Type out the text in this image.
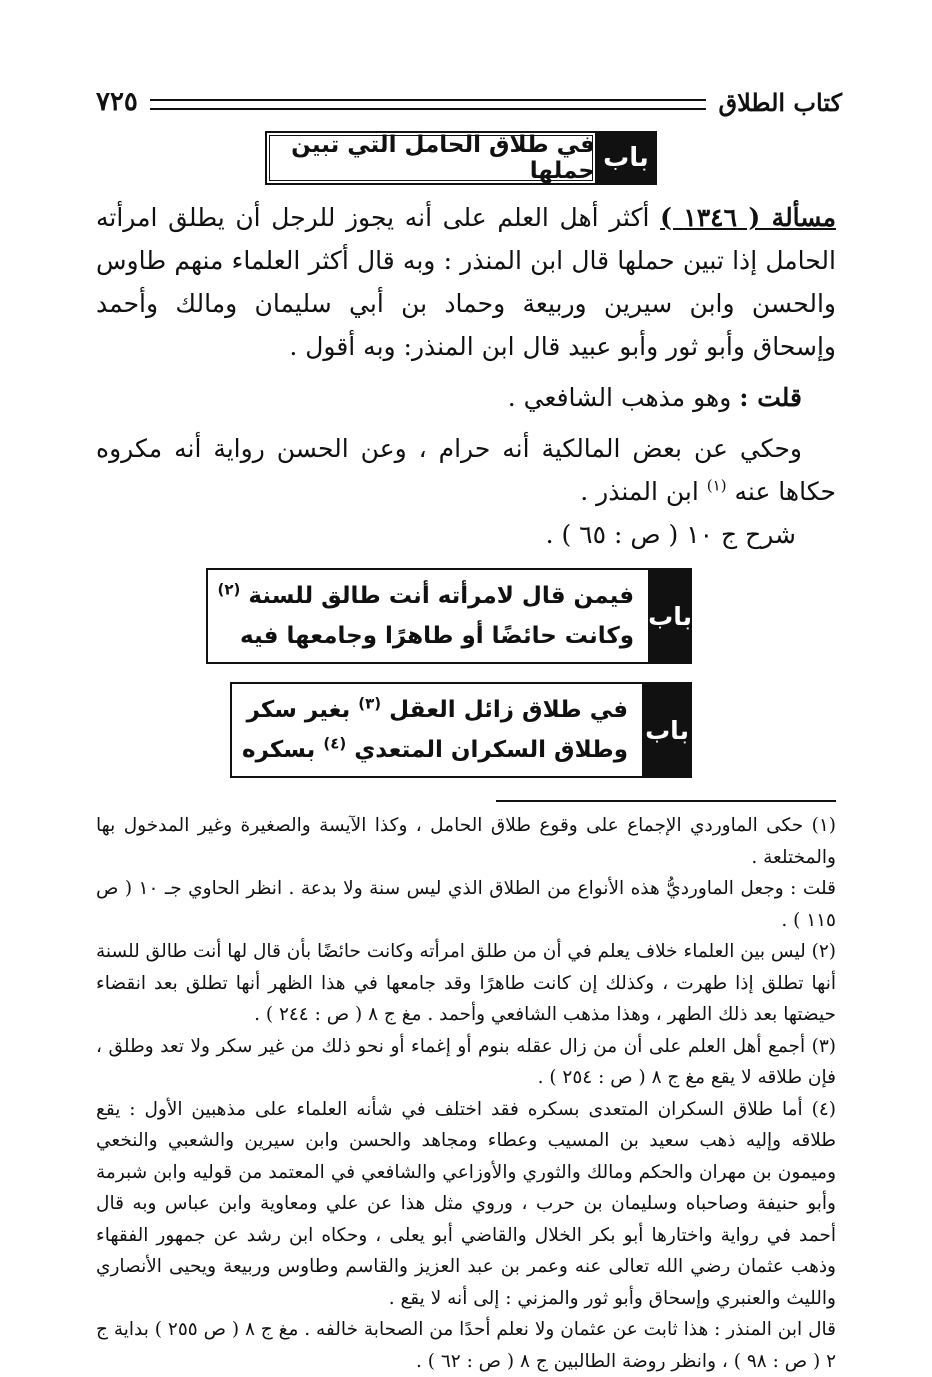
كتاب الطلاق
٧٢٥
باب
في طلاق الحامل التي تبين حملها

مسألة ( ١٣٤٦ ) أكثر أهل العلم على أنه يجوز للرجل أن يطلق امرأته الحامل إذا تبين حملها قال ابن المنذر : وبه قال أكثر العلماء منهم طاوس والحسن وابن سيرين وربيعة وحماد بن أبي سليمان ومالك وأحمد وإسحاق وأبو ثور وأبو عبيد قال ابن المنذر: وبه أقول .

قلت : وهو مذهب الشافعي .

وحكي عن بعض المالكية أنه حرام ، وعن الحسن رواية أنه مكروه حكاها عنه $^{(١)}$ ابن المنذر .

شرح ج ١٠ ( ص : ٦٥ ) .

باب
فيمن قال لامرأته أنت طالق للسنة $^{(٢)}$
وكانت حائضًا أو طاهرًا وجامعها فيه
باب
في طلاق زائل العقل $^{(٣)}$ بغير سكر
وطلاق السكران المتعدي $^{(٤)}$ بسكره

(١) حكى الماوردي الإجماع على وقوع طلاق الحامل ، وكذا الآيسة والصغيرة وغير المدخول بها والمختلعة .

قلت : وجعل الماورديُّ هذه الأنواع من الطلاق الذي ليس سنة ولا بدعة . انظر الحاوي جـ ١٠ ( ص ١١٥ ) .

(٢) ليس بين العلماء خلاف يعلم في أن من طلق امرأته وكانت حائضًا بأن قال لها أنت طالق للسنة أنها تطلق إذا طهرت ، وكذلك إن كانت طاهرًا وقد جامعها في هذا الظهر أنها تطلق بعد انقضاء حيضتها بعد ذلك الطهر ، وهذا مذهب الشافعي وأحمد . مغ ج ٨ ( ص : ٢٤٤ ) .

(٣) أجمع أهل العلم على أن من زال عقله بنوم أو إغماء أو نحو ذلك من غير سكر ولا تعد وطلق ، فإن طلاقه لا يقع مغ ج ٨ ( ص : ٢٥٤ ) .

(٤) أما طلاق السكران المتعدى بسكره فقد اختلف في شأنه العلماء على مذهبين الأول : يقع طلاقه وإليه ذهب سعيد بن المسيب وعطاء ومجاهد والحسن وابن سيرين والشعبي والنخعي وميمون بن مهران والحكم ومالك والثوري والأوزاعي والشافعي في المعتمد من قوليه وابن شبرمة وأبو حنيفة وصاحباه وسليمان بن حرب ، وروي مثل هذا عن علي ومعاوية وابن عباس وبه قال أحمد في رواية واختارها أبو بكر الخلال والقاضي أبو يعلى ، وحكاه ابن رشد عن جمهور الفقهاء وذهب عثمان رضي الله تعالى عنه وعمر بن عبد العزيز والقاسم وطاوس وربيعة ويحيى الأنصاري والليث والعنبري وإسحاق وأبو ثور والمزني : إلى أنه لا يقع .

قال ابن المنذر : هذا ثابت عن عثمان ولا نعلم أحدًا من الصحابة خالفه . مغ ج ٨ ( ص ٢٥٥ ) بداية ج ٢ ( ص : ٩٨ ) ، وانظر روضة الطالبين ج ٨ ( ص : ٦٢ ) .
